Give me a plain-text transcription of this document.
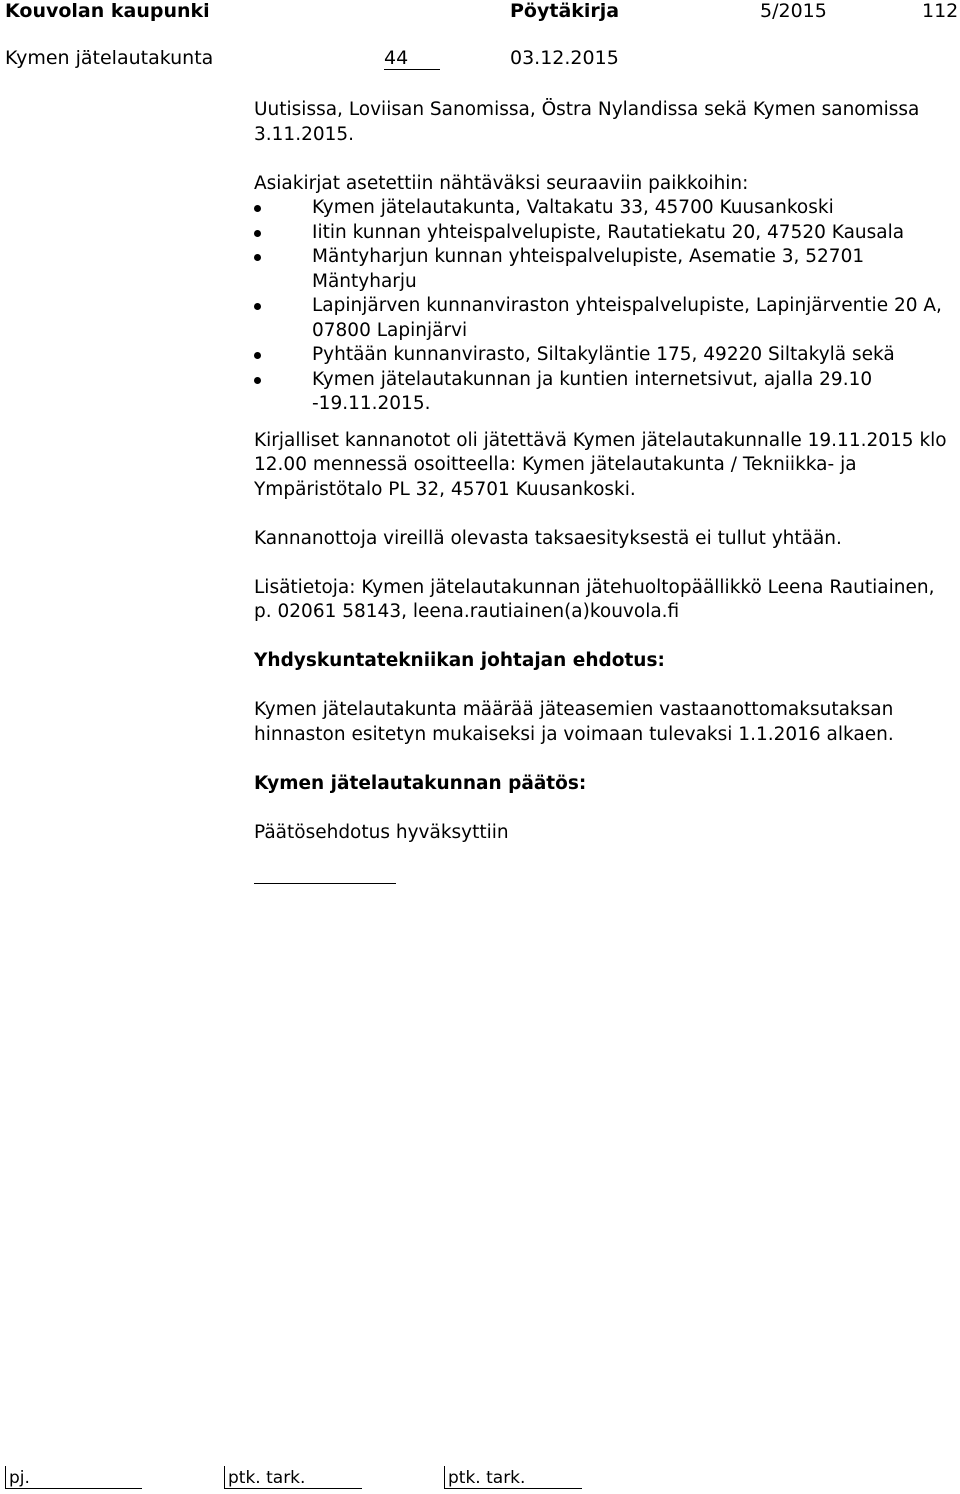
Kouvolan kaupunki	Pöytäkirja	5/2015	112
Kymen jätelautakunta	44	03.12.2015

Uutisissa, Loviisan Sanomissa, Östra Nylandissa sekä Kymen sanomissa 3.11.2015.

Asiakirjat asetettiin nähtäväksi seuraaviin paikkoihin:

Kymen jätelautakunta, Valtakatu 33, 45700 Kuusankoski
Iitin kunnan yhteispalvelupiste, Rautatiekatu 20, 47520 Kausala
Mäntyharjun kunnan yhteispalvelupiste, Asematie 3, 52701 Mäntyharju
Lapinjärven kunnanviraston yhteispalvelupiste, Lapinjärventie 20 A, 07800 Lapinjärvi
Pyhtään kunnanvirasto, Siltakyläntie 175, 49220 Siltakylä sekä
Kymen jätelautakunnan ja kuntien internetsivut, ajalla 29.10 -19.11.2015.

Kirjalliset kannanotot oli jätettävä Kymen jätelautakunnalle 19.11.2015 klo 12.00 mennessä osoitteella: Kymen jätelautakunta / Tekniikka- ja Ympäristötalo PL 32, 45701 Kuusankoski.

Kannanottoja vireillä olevasta taksaesityksestä ei tullut yhtään.

Lisätietoja: Kymen jätelautakunnan jätehuoltopäällikkö Leena Rautiainen, p. 02061 58143, leena.rautiainen(a)kouvola.fi

Yhdyskuntatekniikan johtajan ehdotus:

Kymen jätelautakunta määrää jäteasemien vastaanottomaksutaksan hinnaston esitetyn mukaiseksi ja voimaan tulevaksi 1.1.2016 alkaen.

Kymen jätelautakunnan päätös:

Päätösehdotus hyväksyttiin

pj.	ptk. tark.	ptk. tark.
